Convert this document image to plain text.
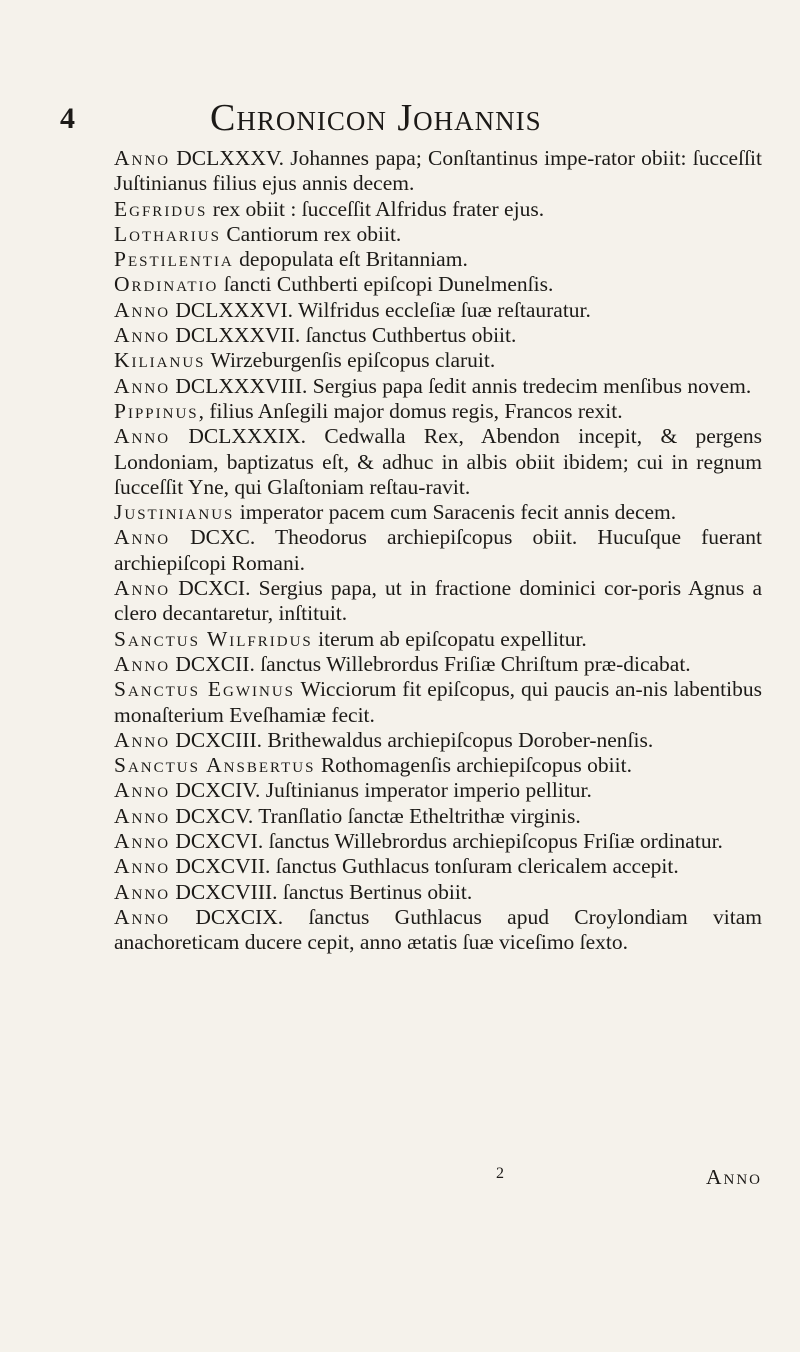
4	Chronicon Johannis

Anno DCLXXXV. Johannes papa; Conſtantinus impe-rator obiit: ſucceſſit Juſtinianus filius ejus annis decem.

Egfridus rex obiit : ſucceſſit Alfridus frater ejus.

Lotharius Cantiorum rex obiit.

Pestilentia depopulata eſt Britanniam.

Ordinatio ſancti Cuthberti epiſcopi Dunelmenſis.

Anno DCLXXXVI. Wilfridus eccleſiæ ſuæ reſtauratur.

Anno DCLXXXVII. ſanctus Cuthbertus obiit.

Kilianus Wirzeburgenſis epiſcopus claruit.

Anno DCLXXXVIII. Sergius papa ſedit annis tredecim menſibus novem.

Pippinus, filius Anſegili major domus regis, Francos rexit.

Anno DCLXXXIX. Cedwalla Rex, Abendon incepit, & pergens Londoniam, baptizatus eſt, & adhuc in albis obiit ibidem; cui in regnum ſucceſſit Yne, qui Glaſtoniam reſtau-ravit.

Justinianus imperator pacem cum Saracenis fecit annis decem.

Anno DCXC. Theodorus archiepiſcopus obiit. Hucuſque fuerant archiepiſcopi Romani.

Anno DCXCI. Sergius papa, ut in fractione dominici cor-poris Agnus a clero decantaretur, inſtituit.

Sanctus Wilfridus iterum ab epiſcopatu expellitur.

Anno DCXCII. ſanctus Willebrordus Friſiæ Chriſtum præ-dicabat.

Sanctus Egwinus Wicciorum fit epiſcopus, qui paucis an-nis labentibus monaſterium Eveſhamiæ fecit.

Anno DCXCIII. Brithewaldus archiepiſcopus Dorober-nenſis.

Sanctus Ansbertus Rothomagenſis archiepiſcopus obiit.

Anno DCXCIV. Juſtinianus imperator imperio pellitur.

Anno DCXCV. Tranſlatio ſanctæ Etheltrithæ virginis.

Anno DCXCVI. ſanctus Willebrordus archiepiſcopus Friſiæ ordinatur.

Anno DCXCVII. ſanctus Guthlacus tonſuram clericalem accepit.

Anno DCXCVIII. ſanctus Bertinus obiit.

Anno DCXCIX. ſanctus Guthlacus apud Croylondiam vitam anachoreticam ducere cepit, anno ætatis ſuæ viceſimo ſexto.

2	Anno
